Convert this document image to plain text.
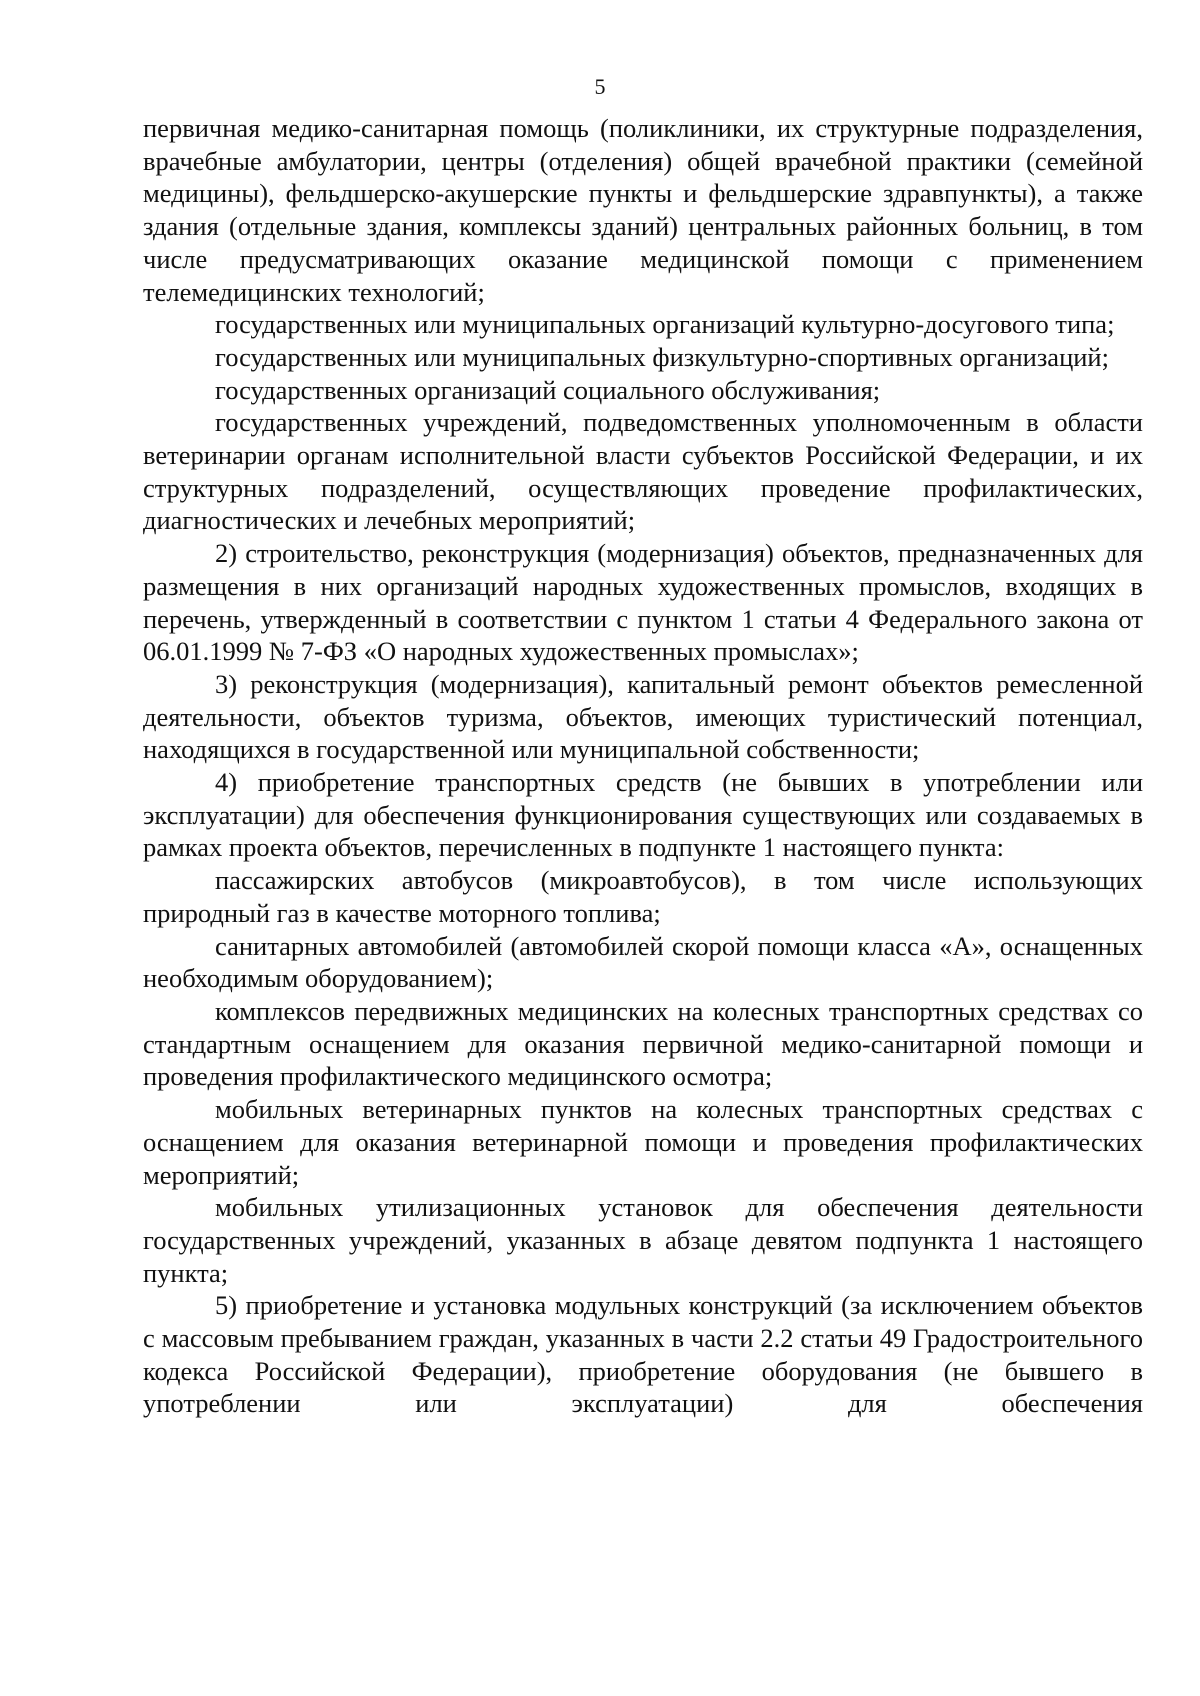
5

первичная медико-санитарная помощь (поликлиники, их структурные подразделения, врачебные амбулатории, центры (отделения) общей врачебной практики (семейной медицины), фельдшерско-акушерские пункты и фельдшерские здравпункты), а также здания (отдельные здания, комплексы зданий) центральных районных больниц, в том числе предусматривающих оказание медицинской помощи с применением телемедицинских технологий;

государственных или муниципальных организаций культурно-досугового типа;

государственных или муниципальных физкультурно-спортивных организаций;

государственных организаций социального обслуживания;

государственных учреждений, подведомственных уполномоченным в области ветеринарии органам исполнительной власти субъектов Российской Федерации, и их структурных подразделений, осуществляющих проведение профилактических, диагностических и лечебных мероприятий;

2) строительство, реконструкция (модернизация) объектов, предназначенных для размещения в них организаций народных художественных промыслов, входящих в перечень, утвержденный в соответствии с пунктом 1 статьи 4 Федерального закона от 06.01.1999 № 7-ФЗ «О народных художественных промыслах»;

3) реконструкция (модернизация), капитальный ремонт объектов ремесленной деятельности, объектов туризма, объектов, имеющих туристический потенциал, находящихся в государственной или муниципальной собственности;

4) приобретение транспортных средств (не бывших в употреблении или эксплуатации) для обеспечения функционирования существующих или создаваемых в рамках проекта объектов, перечисленных в подпункте 1 настоящего пункта:

пассажирских автобусов (микроавтобусов), в том числе использующих природный газ в качестве моторного топлива;

санитарных автомобилей (автомобилей скорой помощи класса «А», оснащенных необходимым оборудованием);

комплексов передвижных медицинских на колесных транспортных средствах со стандартным оснащением для оказания первичной медико-санитарной помощи и проведения профилактического медицинского осмотра;

мобильных ветеринарных пунктов на колесных транспортных средствах с оснащением для оказания ветеринарной помощи и проведения профилактических мероприятий;

мобильных утилизационных установок для обеспечения деятельности государственных учреждений, указанных в абзаце девятом подпункта 1 настоящего пункта;

5) приобретение и установка модульных конструкций (за исключением объектов с массовым пребыванием граждан, указанных в части 2.2 статьи 49 Градостроительного кодекса Российской Федерации), приобретение оборудования (не бывшего в употреблении или эксплуатации) для обеспечения
